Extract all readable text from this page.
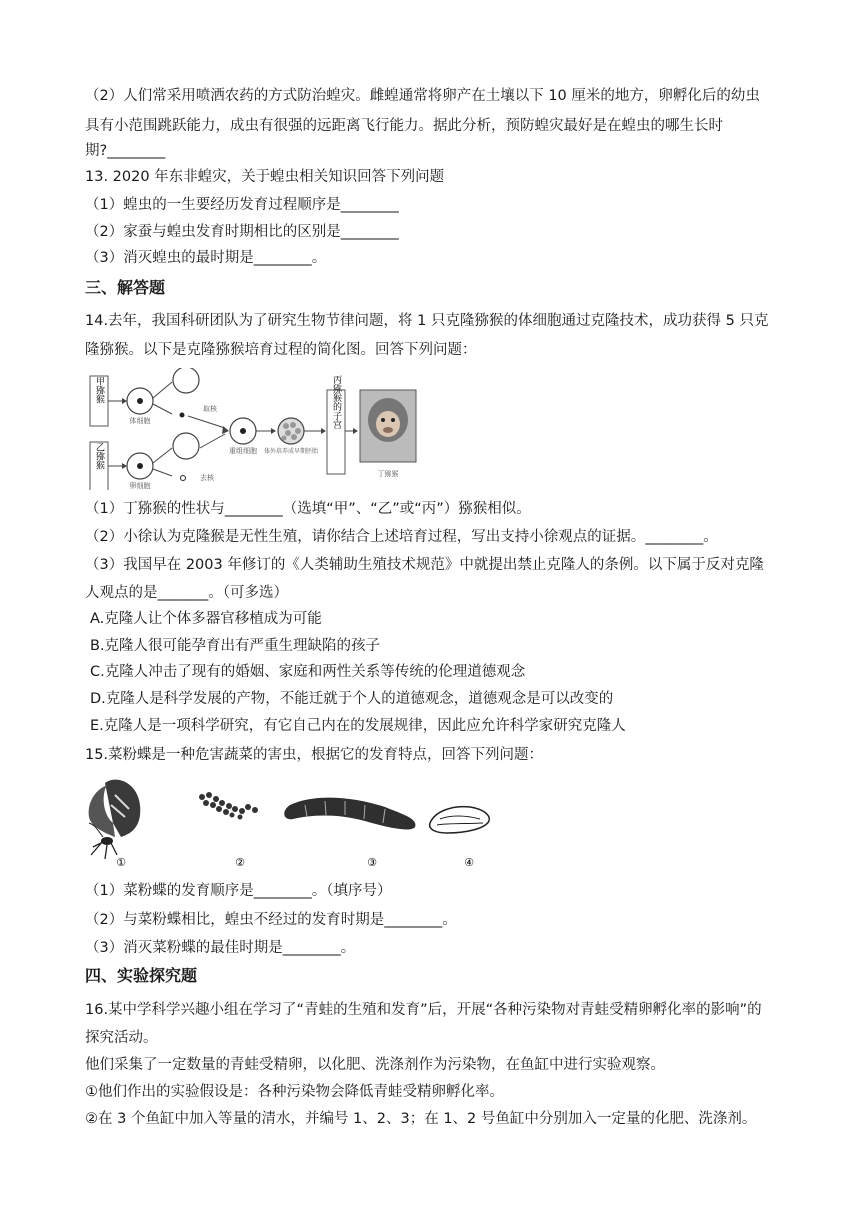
（2）人们常采用喷洒农药的方式防治蝗灾。雌蝗通常将卵产在土壤以下 10 厘米的地方，卵孵化后的幼虫
具有小范围跳跃能力，成虫有很强的远距离飞行能力。据此分析，预防蝗灾最好是在蝗虫的哪生长时
期?________
13. 2020 年东非蝗灾，关于蝗虫相关知识回答下列问题
（1）蝗虫的一生要经历发育过程顺序是________
（2）家蚕与蝗虫发育时期相比的区别是________
（3）消灭蝗虫的最时期是________。
三、解答题
14.去年，我国科研团队为了研究生物节律问题，将 1 只克隆猕猴的体细胞通过克隆技术，成功获得 5 只克
隆猕猴。以下是克隆猕猴培育过程的简化图。回答下列问题：
甲猕猴
乙猕猴
体细胞
卵细胞
取核
去核
重组细胞 体外培养成早期胚胎
丙猕猴的子宫
丁猕猴
（1）丁猕猴的性状与________（选填“甲”、“乙”或“丙”）猕猴相似。
（2）小徐认为克隆猴是无性生殖，请你结合上述培育过程，写出支持小徐观点的证据。________。
（3）我国早在 2003 年修订的《人类辅助生殖技术规范》中就提出禁止克隆人的条例。以下属于反对克隆
人观点的是_______。（可多选）
A.克隆人让个体多器官移植成为可能
B.克隆人很可能孕育出有严重生理缺陷的孩子
C.克隆人冲击了现有的婚姻、家庭和两性关系等传统的伦理道德观念
D.克隆人是科学发展的产物，不能迁就于个人的道德观念，道德观念是可以改变的
E.克隆人是一项科学研究，有它自己内在的发展规律，因此应允许科学家研究克隆人
15.菜粉蝶是一种危害蔬菜的害虫，根据它的发育特点，回答下列问题：
①	②	③	④
（1）菜粉蝶的发育顺序是________。（填序号）
（2）与菜粉蝶相比，蝗虫不经过的发育时期是________。
（3）消灭菜粉蝶的最佳时期是________。
四、实验探究题
16.某中学科学兴趣小组在学习了“青蛙的生殖和发育”后，开展“各种污染物对青蛙受精卵孵化率的影响”的
探究活动。
他们采集了一定数量的青蛙受精卵，以化肥、洗涤剂作为污染物，在鱼缸中进行实验观察。
①他们作出的实验假设是：各种污染物会降低青蛙受精卵孵化率。
②在 3 个鱼缸中加入等量的清水，并编号 1、2、3；在 1、2 号鱼缸中分别加入一定量的化肥、洗涤剂。
